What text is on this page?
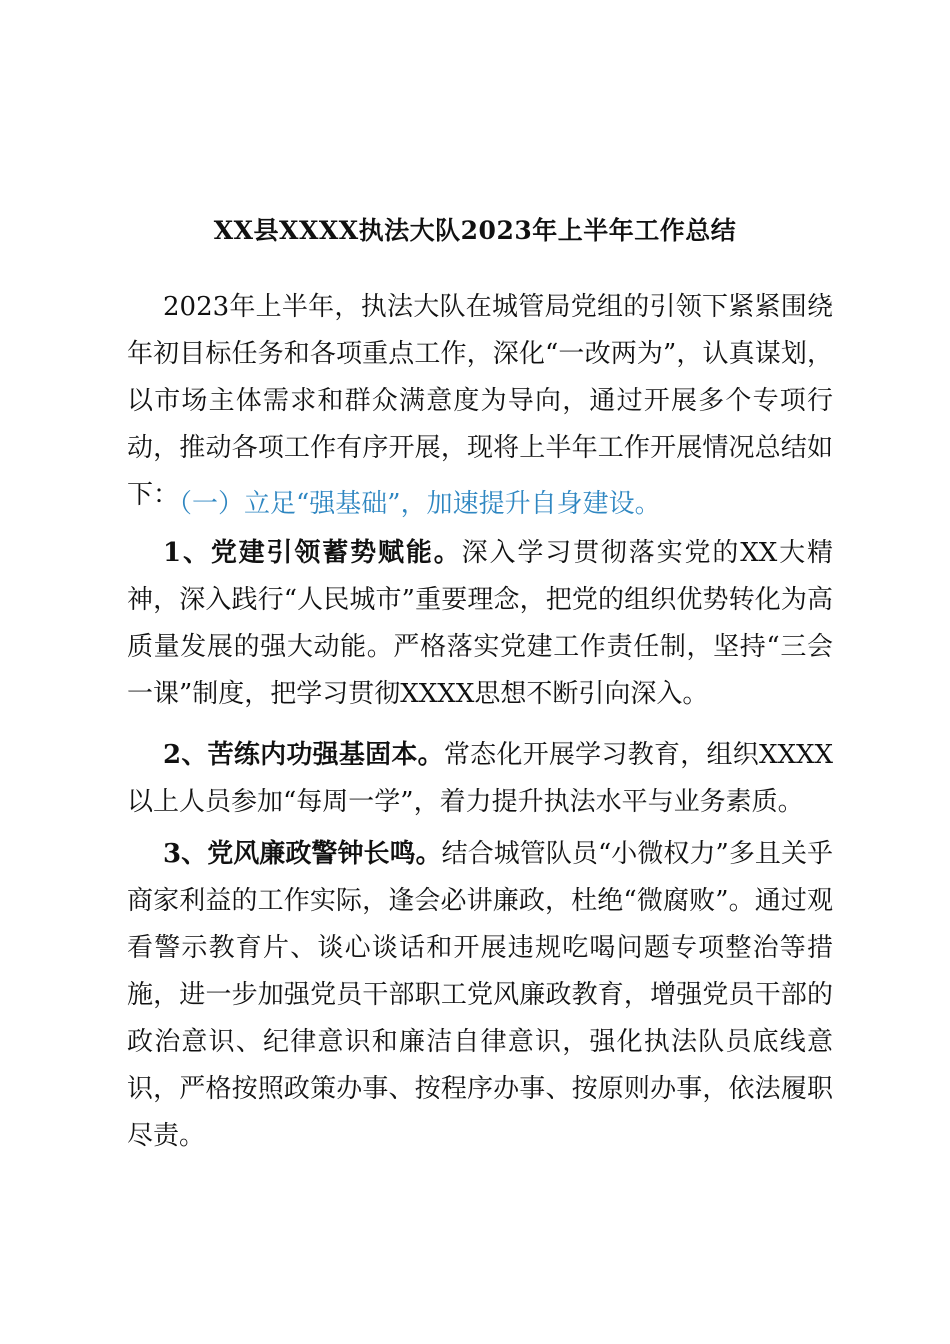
XX县XXXX执法大队2023年上半年工作总结
2023年上半年，执法大队在城管局党组的引领下紧紧围绕年初目标任务和各项重点工作，深化“一改两为”，认真谋划，以市场主体需求和群众满意度为导向，通过开展多个专项行动，推动各项工作有序开展，现将上半年工作开展情况总结如下：
（一）立足“强基础”，加速提升自身建设。
1、党建引领蓄势赋能。深入学习贯彻落实党的XX大精神，深入践行“人民城市”重要理念，把党的组织优势转化为高质量发展的强大动能。严格落实党建工作责任制，坚持“三会一课”制度，把学习贯彻XXXX思想不断引向深入。
2、苦练内功强基固本。常态化开展学习教育，组织XXXX以上人员参加“每周一学”，着力提升执法水平与业务素质。
3、党风廉政警钟长鸣。结合城管队员“小微权力”多且关乎商家利益的工作实际，逢会必讲廉政，杜绝“微腐败”。通过观看警示教育片、谈心谈话和开展违规吃喝问题专项整治等措施，进一步加强党员干部职工党风廉政教育，增强党员干部的政治意识、纪律意识和廉洁自律意识，强化执法队员底线意识，严格按照政策办事、按程序办事、按原则办事，依法履职尽责。
